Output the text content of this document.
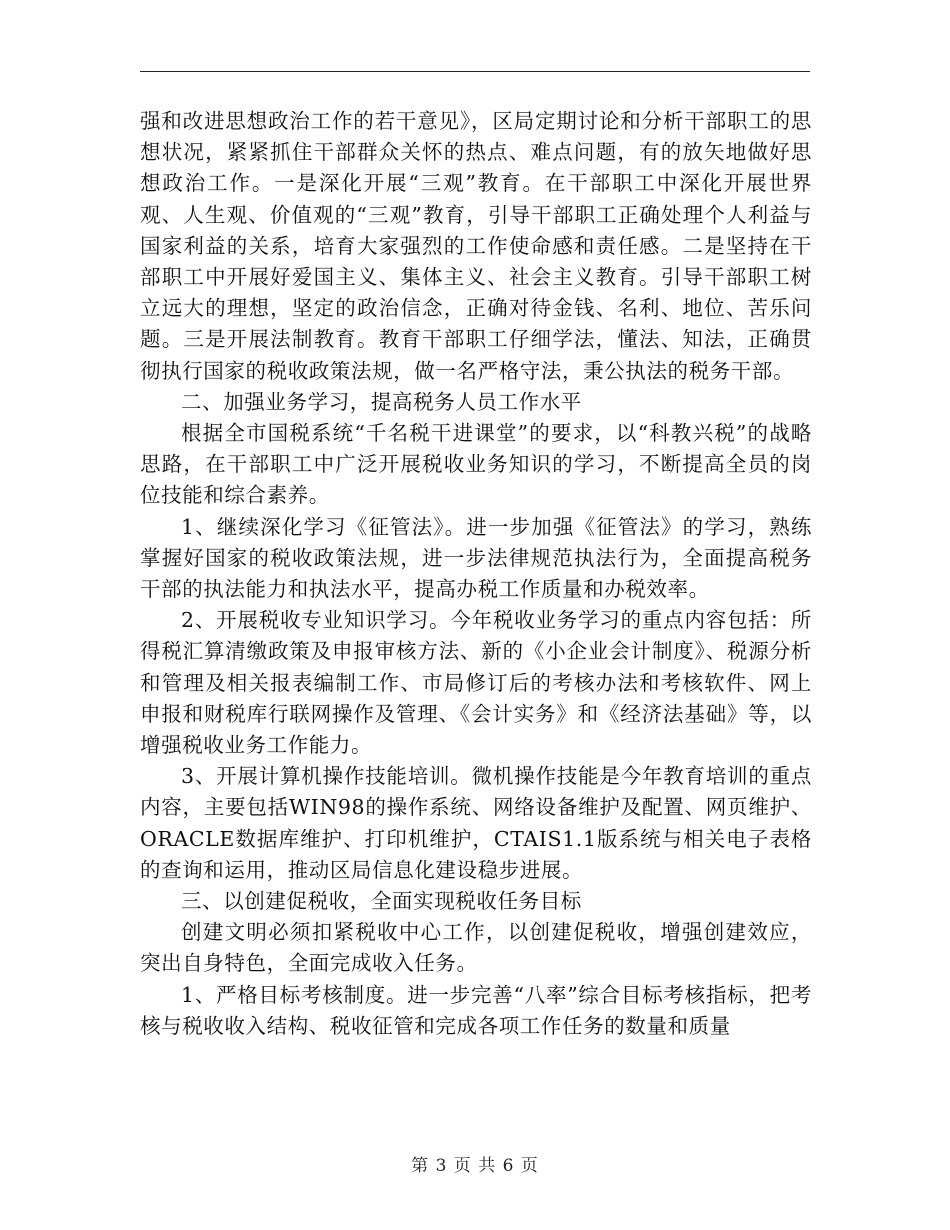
强和改进思想政治工作的若干意见》，区局定期讨论和分析干部职工的思想状况，紧紧抓住干部群众关怀的热点、难点问题，有的放矢地做好思想政治工作。一是深化开展“三观”教育。在干部职工中深化开展世界观、人生观、价值观的“三观”教育，引导干部职工正确处理个人利益与国家利益的关系，培育大家强烈的工作使命感和责任感。二是坚持在干部职工中开展好爱国主义、集体主义、社会主义教育。引导干部职工树立远大的理想，坚定的政治信念，正确对待金钱、名利、地位、苦乐问题。三是开展法制教育。教育干部职工仔细学法，懂法、知法，正确贯彻执行国家的税收政策法规，做一名严格守法，秉公执法的税务干部。

二、加强业务学习，提高税务人员工作水平

根据全市国税系统“千名税干进课堂”的要求，以“科教兴税”的战略思路，在干部职工中广泛开展税收业务知识的学习，不断提高全员的岗位技能和综合素养。

1、继续深化学习《征管法》。进一步加强《征管法》的学习，熟练掌握好国家的税收政策法规，进一步法律规范执法行为，全面提高税务干部的执法能力和执法水平，提高办税工作质量和办税效率。

2、开展税收专业知识学习。今年税收业务学习的重点内容包括：所得税汇算清缴政策及申报审核方法、新的《小企业会计制度》、税源分析和管理及相关报表编制工作、市局修订后的考核办法和考核软件、网上申报和财税库行联网操作及管理、《会计实务》和《经济法基础》等，以增强税收业务工作能力。

3、开展计算机操作技能培训。微机操作技能是今年教育培训的重点内容，主要包括WIN98的操作系统、网络设备维护及配置、网页维护、ORACLE数据库维护、打印机维护，CTAIS1.1版系统与相关电子表格的查询和运用，推动区局信息化建设稳步进展。

三、以创建促税收，全面实现税收任务目标

创建文明必须扣紧税收中心工作，以创建促税收，增强创建效应，突出自身特色，全面完成收入任务。

1、严格目标考核制度。进一步完善“八率”综合目标考核指标，把考核与税收收入结构、税收征管和完成各项工作任务的数量和质量

第 3 页 共 6 页
